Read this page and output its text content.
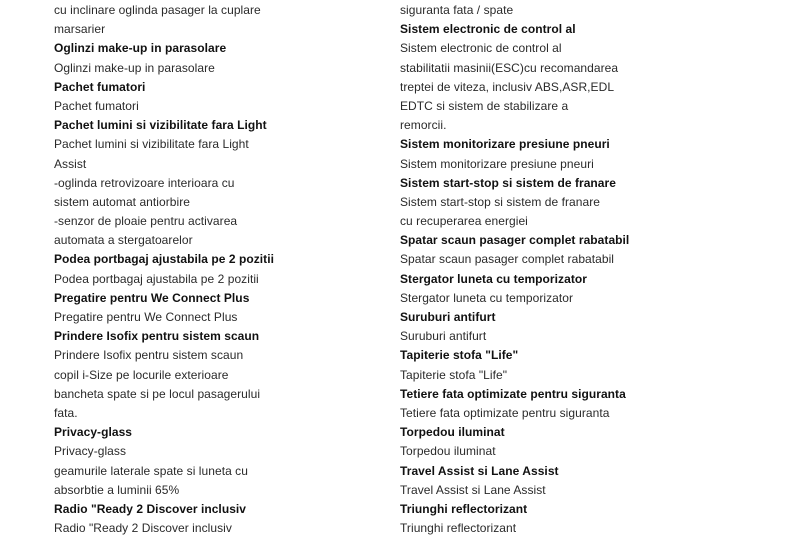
cu inclinare oglinda pasager la cuplare
marsarier
Oglinzi make-up in parasolare
Oglinzi make-up in parasolare
Pachet fumatori
Pachet fumatori
Pachet lumini si vizibilitate fara Light
Pachet lumini si vizibilitate fara Light
Assist
-oglinda retrovizoare interioara cu
sistem automat antiorbire
-senzor de ploaie pentru activarea
automata a stergatoarelor
Podea portbagaj ajustabila pe 2 pozitii
Podea portbagaj ajustabila pe 2 pozitii
Pregatire pentru We Connect Plus
Pregatire pentru We Connect Plus
Prindere Isofix pentru sistem scaun
Prindere Isofix pentru sistem scaun
copil i-Size pe locurile exterioare
bancheta spate si pe locul pasagerului
fata.
Privacy-glass
Privacy-glass
geamurile laterale spate si luneta cu
absorbtie a luminii 65%
Radio "Ready 2 Discover inclusiv
Radio "Ready 2 Discover inclusiv
siguranta fata / spate
Sistem electronic de control al
Sistem electronic de control al
stabilitatii masinii(ESC)cu recomandarea
treptei de viteza, inclusiv ABS,ASR,EDL
EDTC si sistem de stabilizare a
remorcii.
Sistem monitorizare presiune pneuri
Sistem monitorizare presiune pneuri
Sistem start-stop si sistem de franare
Sistem start-stop si sistem de franare
cu recuperarea energiei
Spatar scaun pasager complet rabatabil
Spatar scaun pasager complet rabatabil
Stergator luneta cu temporizator
Stergator luneta cu temporizator
Suruburi antifurt
Suruburi antifurt
Tapiterie stofa "Life"
Tapiterie stofa "Life"
Tetiere fata optimizate pentru siguranta
Tetiere fata optimizate pentru siguranta
Torpedou iluminat
Torpedou iluminat
Travel Assist si Lane Assist
Travel Assist si Lane Assist
Triunghi reflectorizant
Triunghi reflectorizant
